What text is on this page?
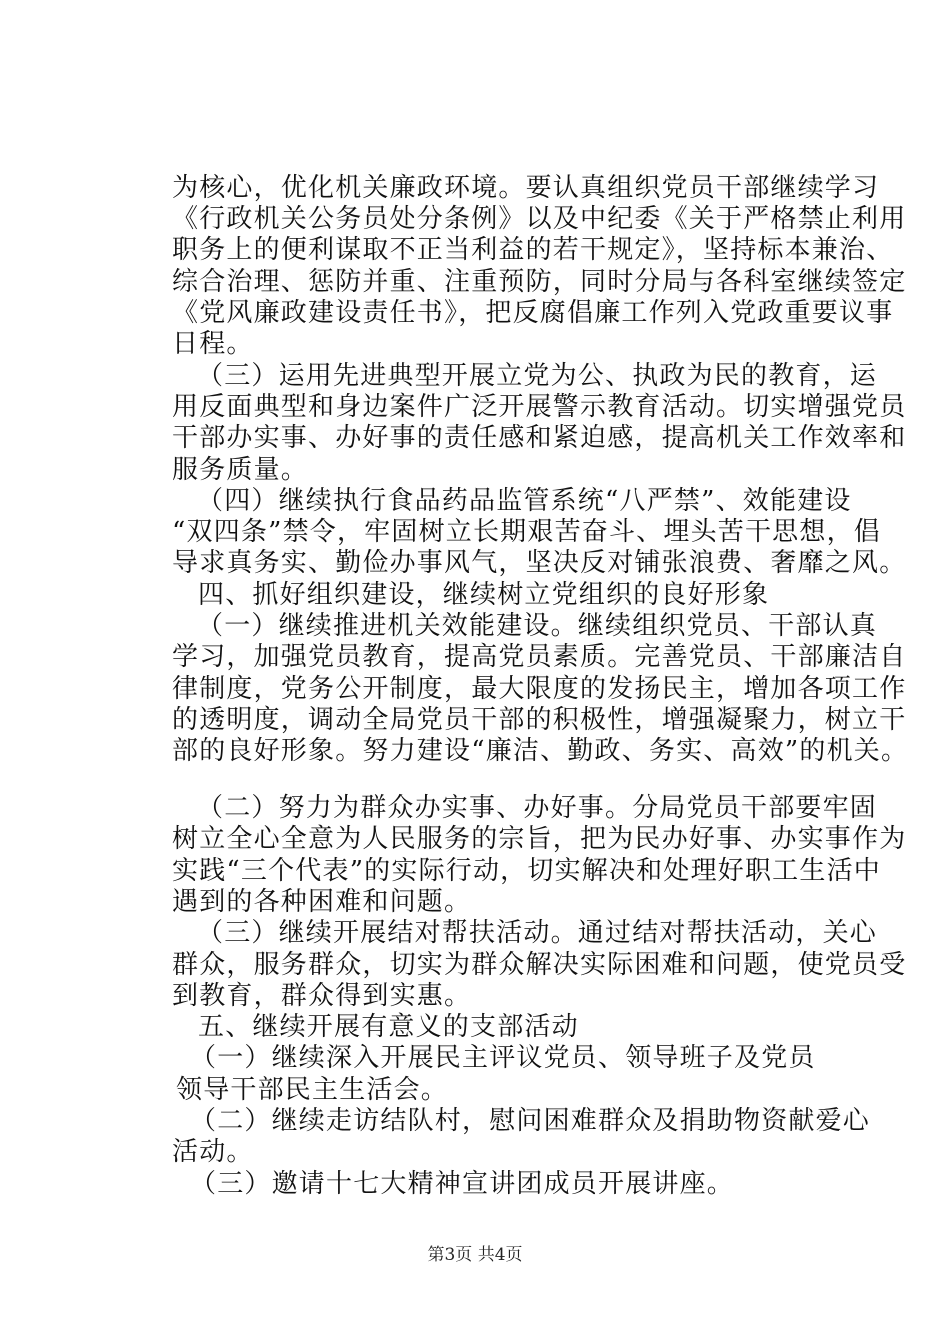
为核心，优化机关廉政环境。要认真组织党员干部继续学习
《行政机关公务员处分条例》以及中纪委《关于严格禁止利用
职务上的便利谋取不正当利益的若干规定》，坚持标本兼治、
综合治理、惩防并重、注重预防，同时分局与各科室继续签定
《党风廉政建设责任书》，把反腐倡廉工作列入党政重要议事
日程。
（三）运用先进典型开展立党为公、执政为民的教育，运
用反面典型和身边案件广泛开展警示教育活动。切实增强党员
干部办实事、办好事的责任感和紧迫感，提高机关工作效率和
服务质量。
（四）继续执行食品药品监管系统“八严禁”、效能建设
“双四条”禁令，牢固树立长期艰苦奋斗、埋头苦干思想，倡
导求真务实、勤俭办事风气，坚决反对铺张浪费、奢靡之风。
四、抓好组织建设，继续树立党组织的良好形象
（一）继续推进机关效能建设。继续组织党员、干部认真
学习，加强党员教育，提高党员素质。完善党员、干部廉洁自
律制度，党务公开制度，最大限度的发扬民主，增加各项工作
的透明度，调动全局党员干部的积极性，增强凝聚力，树立干
部的良好形象。努力建设“廉洁、勤政、务实、高效”的机关。
（二）努力为群众办实事、办好事。分局党员干部要牢固
树立全心全意为人民服务的宗旨，把为民办好事、办实事作为
实践“三个代表”的实际行动，切实解决和处理好职工生活中
遇到的各种困难和问题。
（三）继续开展结对帮扶活动。通过结对帮扶活动，关心
群众，服务群众，切实为群众解决实际困难和问题，使党员受
到教育，群众得到实惠。
五、继续开展有意义的支部活动
（一）继续深入开展民主评议党员、领导班子及党员
领导干部民主生活会。
（二）继续走访结队村，慰问困难群众及捐助物资献爱心
活动。
（三）邀请十七大精神宣讲团成员开展讲座。
第3页 共4页
